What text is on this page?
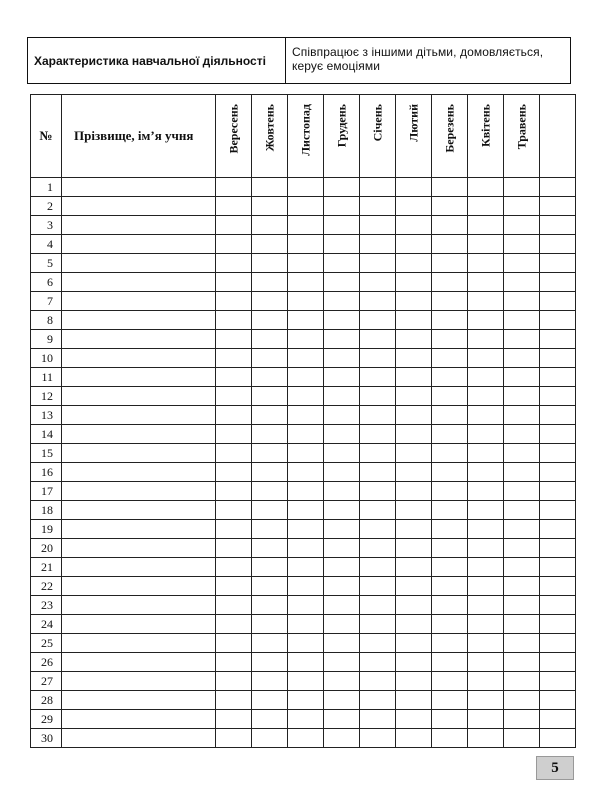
Характеристика навчальної діяльності
Співпрацює з іншими дітьми, домовляється, керує емоціями
№	Прізвище, ім’я учня	Вересень	Жовтень	Листопад	Грудень	Січень	Лютий	Березень	Квітень	Травень	

1											
2											
3											
4											
5											
6											
7											
8											
9											
10											
11											
12											
13											
14											
15											
16											
17											
18											
19											
20											
21											
22											
23											
24											
25											
26											
27											
28											
29											
30											
5
